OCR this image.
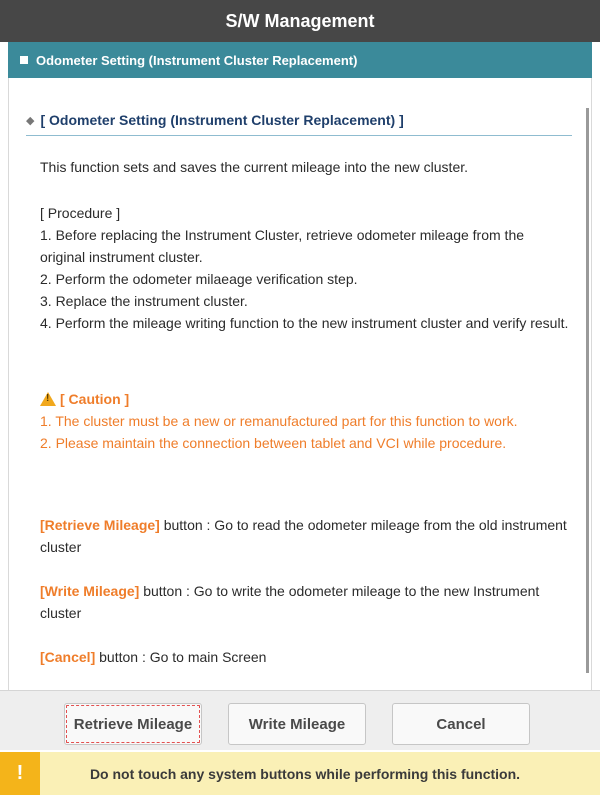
S/W Management
Odometer Setting (Instrument Cluster Replacement)
◆ [ Odometer Setting (Instrument Cluster Replacement) ]
This function sets and saves the current mileage into the new cluster.
[ Procedure ]
1. Before replacing the Instrument Cluster, retrieve odometer mileage from the original instrument cluster.
2. Perform the odometer milaeage verification step.
3. Replace the instrument cluster.
4. Perform the mileage writing function to the new instrument cluster and verify result.
!
[ Caution ]
1. The cluster must be a new or remanufactured part for this function to work.
2. Please maintain the connection between tablet and VCI while procedure.
[Retrieve Mileage] button : Go to read the odometer mileage from the old instrument cluster
[Write Mileage] button : Go to write the odometer mileage to the new Instrument cluster
[Cancel] button : Go to main Screen
Retrieve Mileage	Write Mileage	Cancel
!	Do not touch any system buttons while performing this function.
